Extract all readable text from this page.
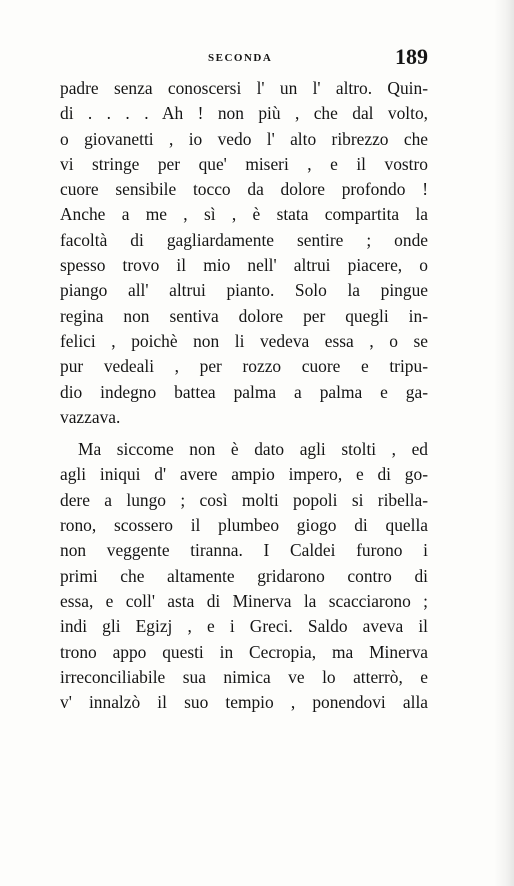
SECONDA	189
padre senza conoscersi l' un l' altro. Quin-
di . . . . Ah ! non più , che dal volto,
o giovanetti , io vedo l' alto ribrezzo che
vi stringe per que' miseri , e il vostro
cuore sensibile tocco da dolore profondo !
Anche a me , sì , è stata compartita la
facoltà di gagliardamente sentire ; onde
spesso trovo il mio nell' altrui piacere, o
piango all' altrui pianto. Solo la pingue
regina non sentiva dolore per quegli in-
felici , poichè non li vedeva essa , o se
pur vedeali , per rozzo cuore e tripu-
dio indegno battea palma a palma e ga-
vazzava.
Ma siccome non è dato agli stolti , ed
agli iniqui d' avere ampio impero, e di go-
dere a lungo ; così molti popoli si ribella-
rono, scossero il plumbeo giogo di quella
non veggente tiranna. I Caldei furono i
primi che altamente gridarono contro di
essa, e coll' asta di Minerva la scacciarono ;
indi gli Egizj , e i Greci. Saldo aveva il
trono appo questi in Cecropia, ma Minerva
irreconciliabile sua nimica ve lo atterrò, e
v' innalzò il suo tempio , ponendovi alla
